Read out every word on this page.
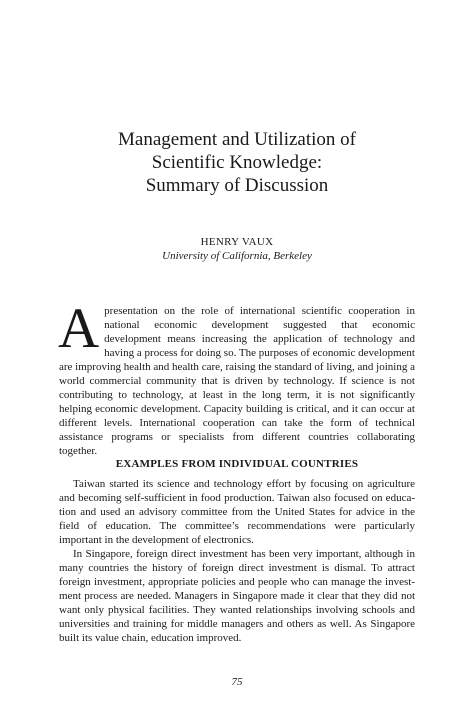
Management and Utilization of
Scientific Knowledge:
Summary of Discussion
HENRY VAUX
University of California, Berkeley
Apresentation on the role of international scientific cooperation in national economic development suggested that economic development means increasing the application of technology and having a process for doing so. The purposes of economic development are improving health and health care, raising the standard of living, and joining a world commercial community that is driven by technology. If science is not contributing to technology, at least in the long term, it is not significantly helping economic development. Capacity building is critical, and it can occur at different levels. International cooperation can take the form of technical assistance programs or specialists from different countries collaborating together.
EXAMPLES FROM INDIVIDUAL COUNTRIES

Taiwan started its science and technology effort by focusing on agriculture and becoming self-sufficient in food production. Taiwan also focused on educa-tion and used an advisory committee from the United States for advice in the field of education. The committee’s recommendations were particularly important in the development of electronics.

In Singapore, foreign direct investment has been very important, although in many countries the history of foreign direct investment is dismal. To attract foreign investment, appropriate policies and people who can manage the invest-ment process are needed. Managers in Singapore made it clear that they did not want only physical facilities. They wanted relationships involving schools and universities and training for middle managers and others as well. As Singapore built its value chain, education improved.

75
